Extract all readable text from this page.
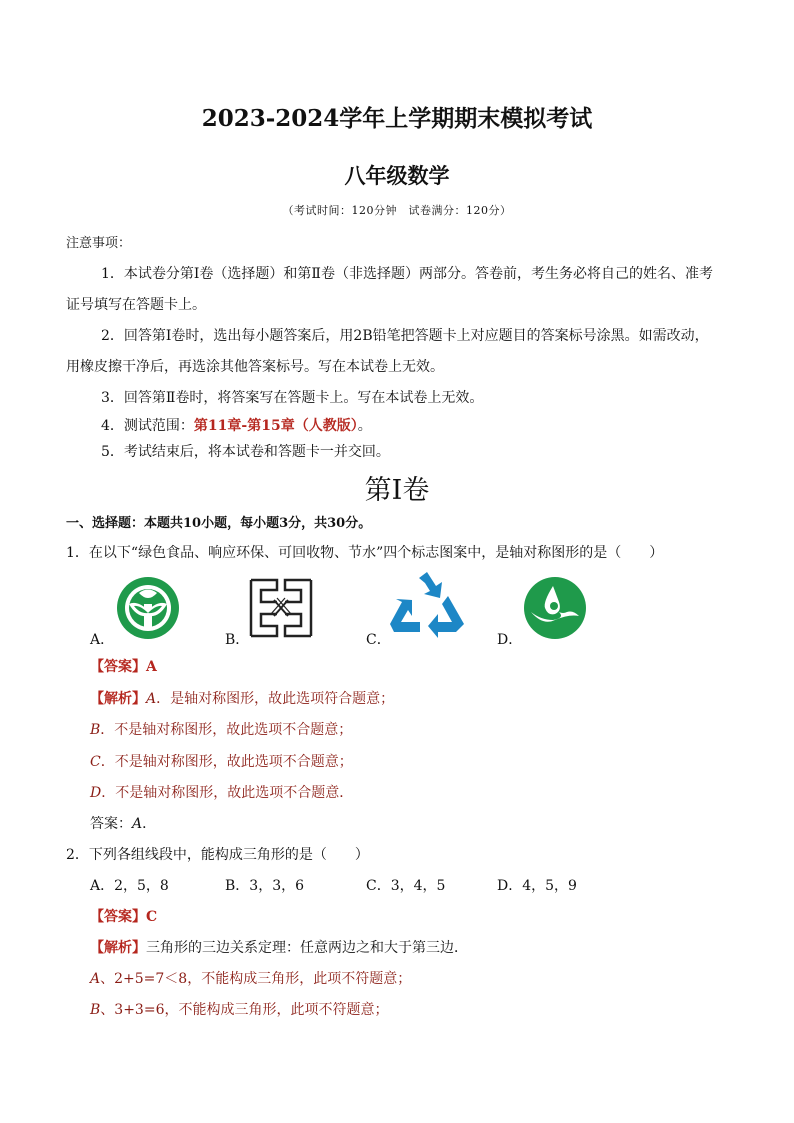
2023-2024学年上学期期末模拟考试
八年级数学
（考试时间：120分钟　试卷满分：120分）
注意事项：
1．本试卷分第Ⅰ卷（选择题）和第Ⅱ卷（非选择题）两部分。答卷前，考生务必将自己的姓名、准考
证号填写在答题卡上。
2．回答第Ⅰ卷时，选出每小题答案后，用2B铅笔把答题卡上对应题目的答案标号涂黑。如需改动，
用橡皮擦干净后，再选涂其他答案标号。写在本试卷上无效。
3．回答第Ⅱ卷时，将答案写在答题卡上。写在本试卷上无效。
4．测试范围：第11章-第15章（人教版）。
5．考试结束后，将本试卷和答题卡一并交回。
第Ⅰ卷
一、选择题：本题共10小题，每小题3分，共30分。
1．在以下“绿色食品、响应环保、可回收物、节水”四个标志图案中，是轴对称图形的是（　　）
A．	B．	C．	D．
【答案】A
【解析】A．是轴对称图形，故此选项符合题意；
B．不是轴对称图形，故此选项不合题意；
C．不是轴对称图形，故此选项不合题意；
D．不是轴对称图形，故此选项不合题意．
答案：A．
2．下列各组线段中，能构成三角形的是（　　）
A．2，5，8	B．3，3，6	C．3，4，5	D．4，5，9
【答案】C
【解析】三角形的三边关系定理：任意两边之和大于第三边．
A、2+5=7＜8，不能构成三角形，此项不符题意；
B、3+3=6，不能构成三角形，此项不符题意；
